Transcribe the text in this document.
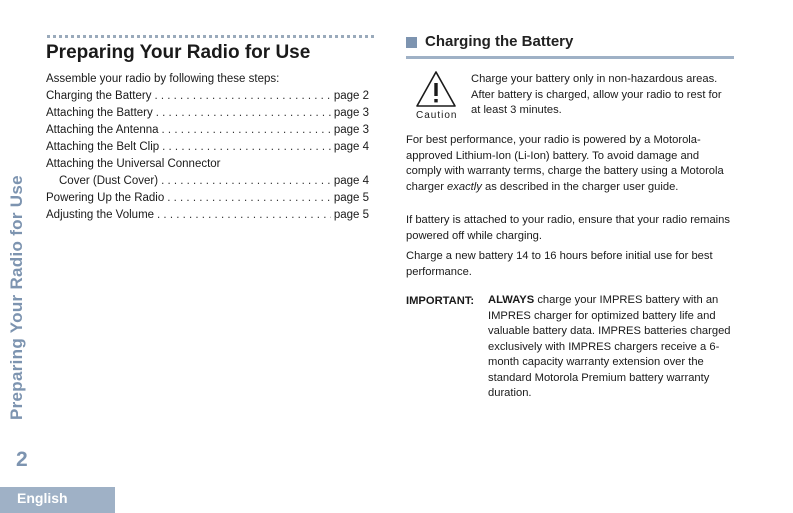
Preparing Your Radio for Use
2
English
Preparing Your Radio for Use
Assemble your radio by following these steps:
Charging the Battery . . .	page 2
Attaching the Battery . . .	page 3
Attaching the Antenna . . .	page 3
Attaching the Belt Clip . . .	page 4
Attaching the Universal Connector
Cover (Dust Cover) . . .	page 4
Powering Up the Radio . . .	page 5
Adjusting the Volume . . .	page 5
Charging the Battery
Caution
Charge your battery only in non-hazardous areas. After battery is charged, allow your radio to rest for at least 3 minutes.
For best performance, your radio is powered by a Motorola-approved Lithium-Ion (Li-Ion) battery. To avoid damage and comply with warranty terms, charge the battery using a Motorola charger exactly as described in the charger user guide.
If battery is attached to your radio, ensure that your radio remains powered off while charging.
Charge a new battery 14 to 16 hours before initial use for best performance.
IMPORTANT: ALWAYS charge your IMPRES battery with an IMPRES charger for optimized battery life and valuable battery data. IMPRES batteries charged exclusively with IMPRES chargers receive a 6-month capacity warranty extension over the standard Motorola Premium battery warranty duration.
